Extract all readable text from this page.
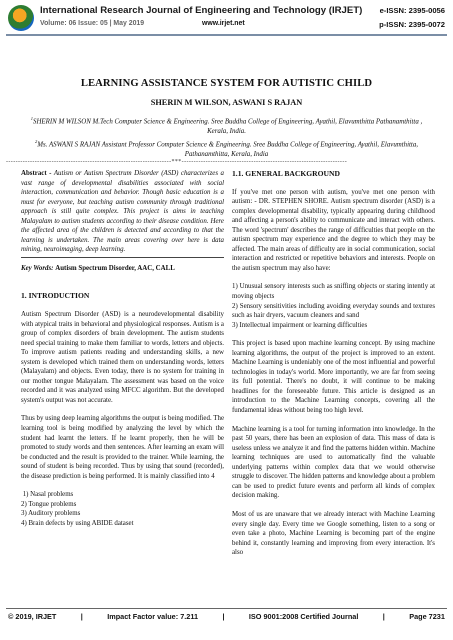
International Research Journal of Engineering and Technology (IRJET) e-ISSN: 2395-0056
Volume: 06 Issue: 05 | May 2019	www.irjet.net	p-ISSN: 2395-0072
LEARNING ASSISTANCE SYSTEM FOR AUTISTIC CHILD
SHERIN M WILSON, ASWANI S RAJAN
$^1$SHERIN M WILSON M.Tech Computer Science & Engineering. Sree Buddha College of Engineering, Ayathil, Elavumthitta Pathanamthitta , Kerala, India.
$^2$Ms. ASWANI S RAJAN Assistant Professor Computer Science & Engineering. Sree Buddha College of Engineering, Ayathil, Elavumthitta, Pathanamthitta, Kerala, India
---------------------------------------------------------------------***---------------------------------------------------------------------

Abstract - Autism or Autism Spectrum Disorder (ASD) characterizes a vast range of developmental disabilities associated with social interaction, communication and behavior. Though basic education is a must for everyone, but teaching autism community through traditional approach is still quite complex. This project is aims in teaching Malayalam to autism students according to their disease condition. Here the affected area of the children is detected and according to that the learning is undertaken. The main areas covering over here is data mining, neuroimaging, deep learning.

Key Words: Autism Spectrum Disorder, AAC, CALL

1. INTRODUCTION

Autism Spectrum Disorder (ASD) is a neurodevelopmental disability with atypical traits in behavioral and physiological responses. Autism is a group of complex disorders of brain development. The autism students need special training to make them familiar to words, letters and objects. To improve autism patients reading and understanding skills, a new system is developed which trained them on understanding words, letters (Malayalam) and objects. Even today, there is no system for training in our mother tongue Malayalam. The assessment was based on the voice recorded and it was analyzed using MFCC algorithm. But the developed system's output was not accurate.

Thus by using deep learning algorithms the output is being modified. The learning tool is being modified by analyzing the level by which the student had learnt the letters. If he learnt properly, then he will be promoted to study words and then sentences. After learning an exam will be conducted and the result is provided to the trainer. While learning, the sound of student is being recorded. Thus by using that sound (recorded), the disease prediction is being performed. It is mainly classified into 4

1) Nasal problems
2) Tongue problems
3) Auditory problems
4) Brain defects by using ABIDE dataset
1.1. GENERAL BACKGROUND

If you've met one person with autism, you've met one person with autism: - DR. STEPHEN SHORE. Autism spectrum disorder (ASD) is a complex developmental disability, typically appearing during childhood and affecting a person's ability to communicate and interact with others. The word 'spectrum' describes the range of difficulties that people on the autism spectrum may experience and the degree to which they may be affected. The main areas of difficulty are in social communication, social interaction and restricted or repetitive behaviors and interests. People on the autism spectrum may also have:

1) Unusual sensory interests such as sniffing objects or staring intently at moving objects
2) Sensory sensitivities including avoiding everyday sounds and textures such as hair dryers, vacuum cleaners and sand
3) Intellectual impairment or learning difficulties

This project is based upon machine learning concept. By using machine learning algorithms, the output of the project is improved to an extent. Machine Learning is undeniably one of the most influential and powerful technologies in today's world. More importantly, we are far from seeing its full potential. There's no doubt, it will continue to be making headlines for the foreseeable future. This article is designed as an introduction to the Machine Learning concepts, covering all the fundamental ideas without being too high level.

Machine learning is a tool for turning information into knowledge. In the past 50 years, there has been an explosion of data. This mass of data is useless unless we analyze it and find the patterns hidden within. Machine learning techniques are used to automatically find the valuable underlying patterns within complex data that we would otherwise struggle to discover. The hidden patterns and knowledge about a problem can be used to predict future events and perform all kinds of complex decision making.

Most of us are unaware that we already interact with Machine Learning every single day. Every time we Google something, listen to a song or even take a photo, Machine Learning is becoming part of the engine behind it, constantly learning and improving from every interaction. It's also

© 2019, IRJET	|	Impact Factor value: 7.211	|	ISO 9001:2008 Certified Journal	|	Page 7231
